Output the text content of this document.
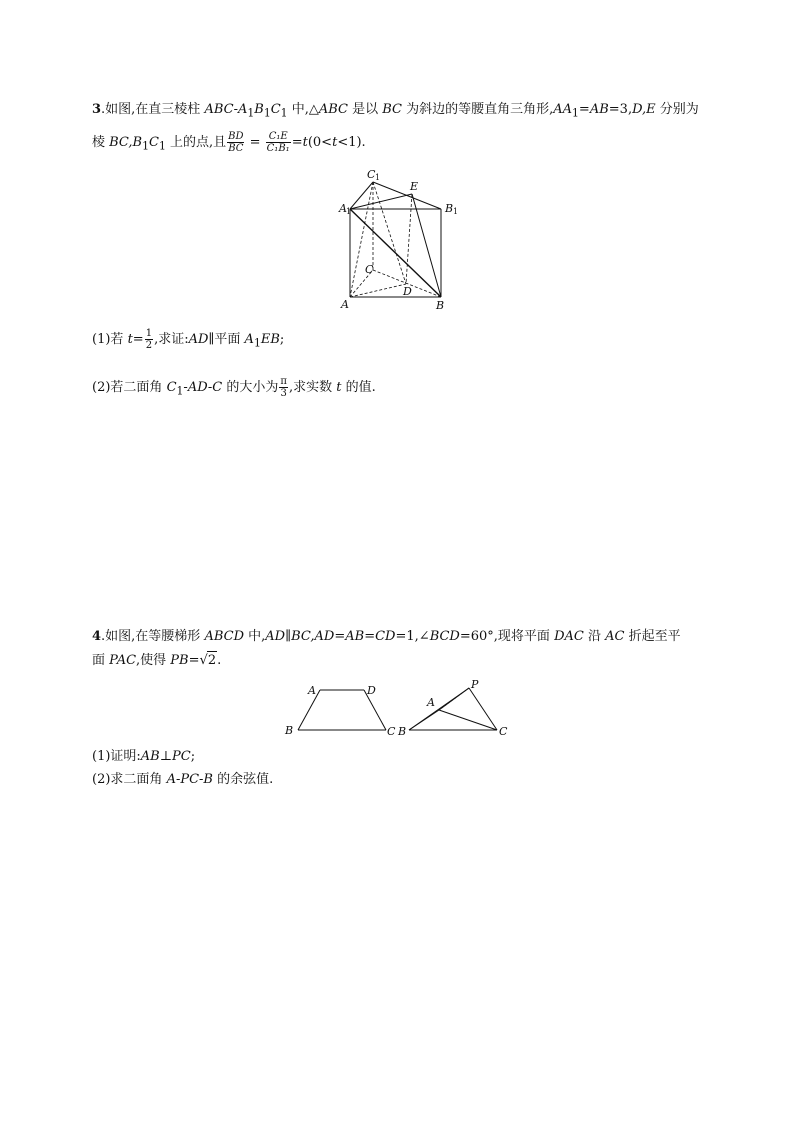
3.如图,在直三棱柱 ABC-$A_1B_1C_1$ 中,△ABC 是以 BC 为斜边的等腰直角三角形$,AA_1=AB=3,D,E$ 分别为
棱 $BC,B_1C_1$ 上的点,且 $\frac{BD}{BC} = \frac{\text{C₁E}}{\text{C₁B₁}} =t(0<t<1)$.
C 1
E
A 1	B 1
C
D
A	B
(1)若 $t= \frac{1}{2}$ ,求证:AD∥平面 $A_1EB$;
(2)若二面角 $C_1-AD-C$ 的大小为 $\frac{\pi}{3}$ ,求实数 t 的值.
4.如图,在等腰梯形 ABCD 中,AD∥BC,AD=AB=CD=1,∠BCD=60°,现将平面 DAC 沿 AC 折起至平
面 PAC,使得 PB=√2.
A	D
B	C
P
A
B	C
(1)证明:AB⊥PC;
(2)求二面角 A-PC-B 的余弦值.
